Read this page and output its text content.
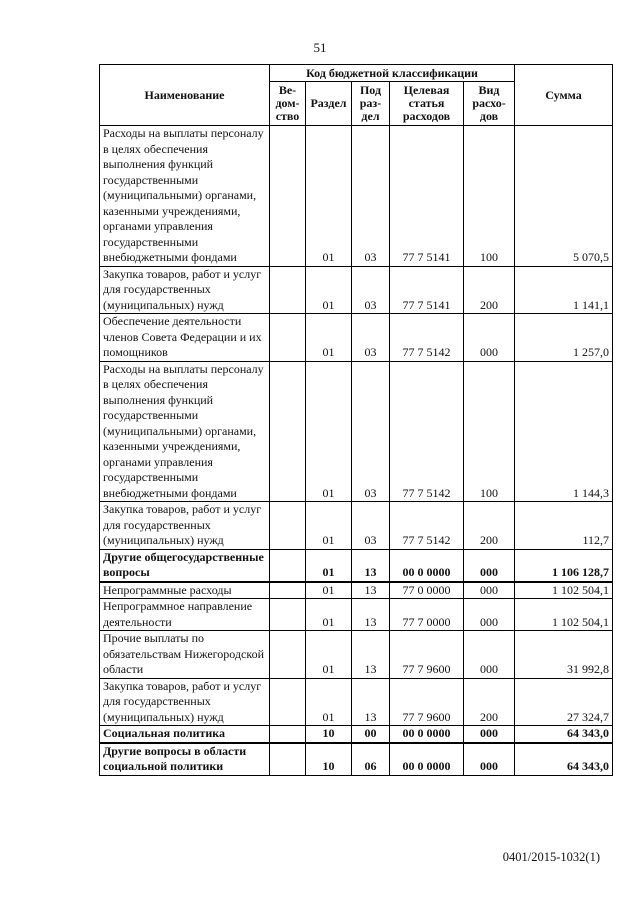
51
Наименование	Код бюджетной классификации					Сумма
	Ве-дом-ство	Раздел	Под раз-дел	Целевая статья расходов	Вид расхо-дов	
Расходы на выплаты персоналу в целях обеспечения выполнения функций государственными (муниципальными) органами, казенными учреждениями, органами управления государственными внебюджетными фондами		01	03	77 7 5141	100	5 070,5
Закупка товаров, работ и услуг для государственных (муниципальных) нужд		01	03	77 7 5141	200	1 141,1
Обеспечение деятельности членов Совета Федерации и их помощников		01	03	77 7 5142	000	1 257,0
Расходы на выплаты персоналу в целях обеспечения выполнения функций государственными (муниципальными) органами, казенными учреждениями, органами управления государственными внебюджетными фондами		01	03	77 7 5142	100	1 144,3
Закупка товаров, работ и услуг для государственных (муниципальных) нужд		01	03	77 7 5142	200	112,7
Другие общегосударственные вопросы		01	13	00 0 0000	000	1 106 128,7
Непрограммные расходы		01	13	77 0 0000	000	1 102 504,1
Непрограммное направление деятельности		01	13	77 7 0000	000	1 102 504,1
Прочие выплаты по обязательствам Нижегородской области		01	13	77 7 9600	000	31 992,8
Закупка товаров, работ и услуг для государственных (муниципальных) нужд		01	13	77 7 9600	200	27 324,7
Социальная политика		10	00	00 0 0000	000	64 343,0
Другие вопросы в области социальной политики		10	06	00 0 0000	000	64 343,0
0401/2015-1032(1)
